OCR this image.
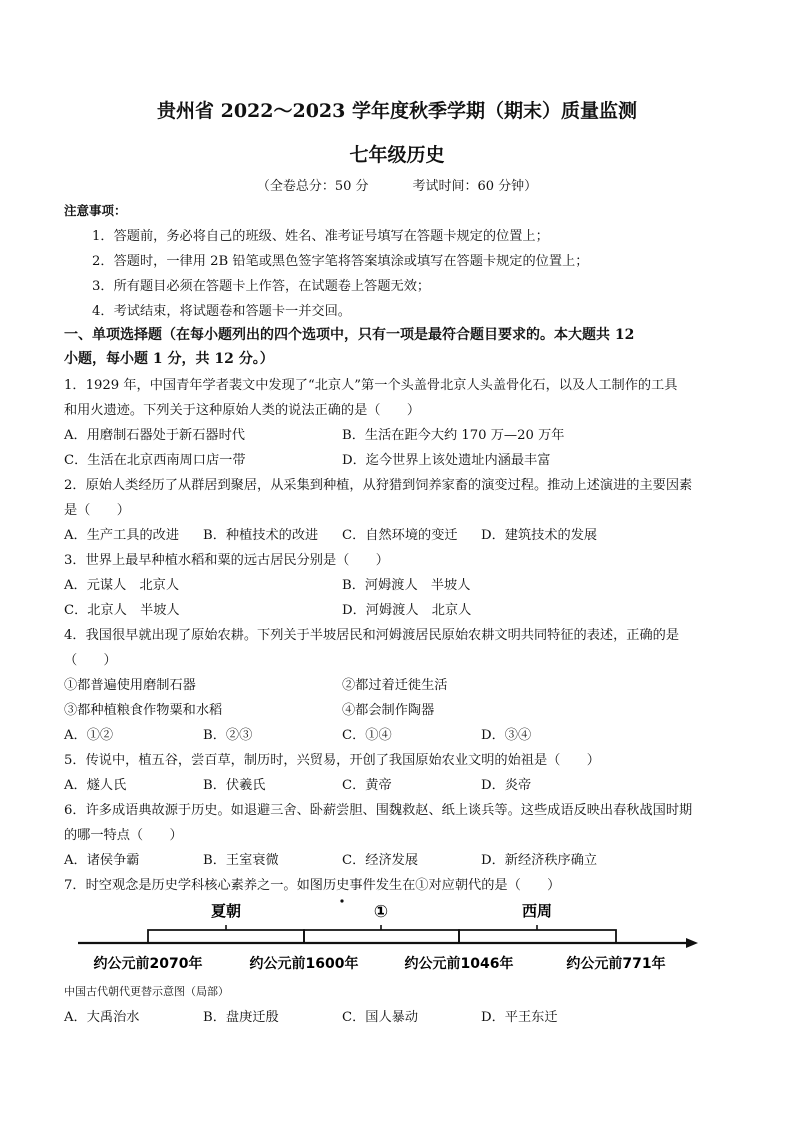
贵州省 2022～2023 学年度秋季学期（期末）质量监测
七年级历史
（全卷总分：50 分	考试时间：60 分钟）
注意事项：
1．答题前，务必将自己的班级、姓名、准考证号填写在答题卡规定的位置上；
2．答题时，一律用 2B 铅笔或黑色签字笔将答案填涂或填写在答题卡规定的位置上；
3．所有题目必须在答题卡上作答，在试题卷上答题无效；
4．考试结束，将试题卷和答题卡一并交回。
一、单项选择题（在每小题列出的四个选项中，只有一项是最符合题目要求的。本大题共 12
小题，每小题 1 分，共 12 分。）
1．1929 年，中国青年学者裴文中发现了“北京人”第一个头盖骨北京人头盖骨化石，以及人工制作的工具
和用火遗迹。下列关于这种原始人类的说法正确的是（　　）
A．用磨制石器处于新石器时代	B．生活在距今大约 170 万—20 万年
C．生活在北京西南周口店一带	D．迄今世界上该处遗址内涵最丰富
2．原始人类经历了从群居到聚居，从采集到种植，从狩猎到饲养家畜的演变过程。推动上述演进的主要因素
是（　　）
A．生产工具的改进 B．种植技术的改进 C．自然环境的变迁 D．建筑技术的发展
3．世界上最早种植水稻和粟的远古居民分别是（　　）
A．元谋人　北京人	B．河姆渡人　半坡人
C．北京人　半坡人	D．河姆渡人　北京人
4．我国很早就出现了原始农耕。下列关于半坡居民和河姆渡居民原始农耕文明共同特征的表述，正确的是
（　　）
①都普遍使用磨制石器	②都过着迁徙生活
③都种植粮食作物粟和水稻	④都会制作陶器
A．①②	B．②③	C．①④	D．③④
5．传说中，植五谷，尝百草，制历时，兴贸易，开创了我国原始农业文明的始祖是（　　）
A．燧人氏	B．伏羲氏	C．黄帝	D．炎帝
6．许多成语典故源于历史。如退避三舍、卧薪尝胆、围魏救赵、纸上谈兵等。这些成语反映出春秋战国时期
的哪一特点（　　）
A．诸侯争霸	B．王室衰微	C．经济发展	D．新经济秩序确立
7．时空观念是历史学科核心素养之一。如图历史事件发生在①对应朝代的是（　　）
夏朝	①	西周
约公元前2070年	约公元前1600年	约公元前1046年	约公元前771年
中国古代朝代更替示意图（局部）
A．大禹治水	B．盘庚迁殷	C．国人暴动	D．平王东迁
